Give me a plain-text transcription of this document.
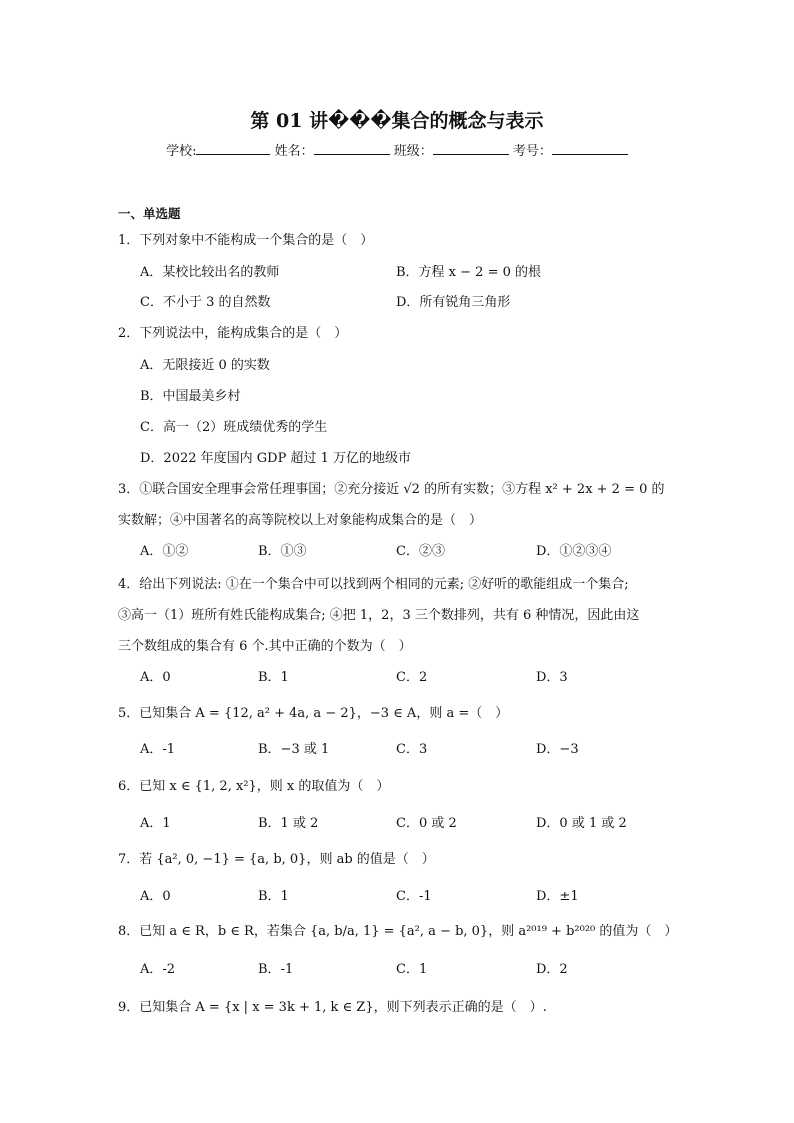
第 01 讲���集合的概念与表示
学校:	姓名：	班级：	考号：
一、单选题
1．下列对象中不能构成一个集合的是（　）
A．某校比较出名的教师	B．方程 x − 2 = 0 的根
C．不小于 3 的自然数	D．所有锐角三角形
2．下列说法中，能构成集合的是（　）
A．无限接近 0 的实数
B．中国最美乡村
C．高一（2）班成绩优秀的学生
D．2022 年度国内 GDP 超过 1 万亿的地级市
3．①联合国安全理事会常任理事国；②充分接近 √2 的所有实数；③方程 x² + 2x + 2 = 0 的
实数解；④中国著名的高等院校以上对象能构成集合的是（　）
A．①②	B．①③	C．②③	D．①②③④
4．给出下列说法: ①在一个集合中可以找到两个相同的元素; ②好听的歌能组成一个集合;
③高一（1）班所有姓氏能构成集合; ④把 1，2，3 三个数排列，共有 6 种情况，因此由这
三个数组成的集合有 6 个.其中正确的个数为（　）
A．0	B．1	C．2	D．3
5．已知集合 A = {12, a² + 4a, a − 2}，−3 ∈ A，则 a =（　）
A．-1	B．−3 或 1	C．3	D．−3
6．已知 x ∈ {1, 2, x²}，则 x 的取值为（　）
A．1	B．1 或 2	C．0 或 2	D．0 或 1 或 2
7．若 {a², 0, −1} = {a, b, 0}，则 ab 的值是（　）
A．0	B．1	C．-1	D．±1
8．已知 a ∈ R，b ∈ R，若集合 {a, b/a, 1} = {a², a − b, 0}，则 a²⁰¹⁹ + b²⁰²⁰ 的值为（　）
A．-2	B．-1	C．1	D．2
9．已知集合 A = {x | x = 3k + 1, k ∈ Z}，则下列表示正确的是（　）.
